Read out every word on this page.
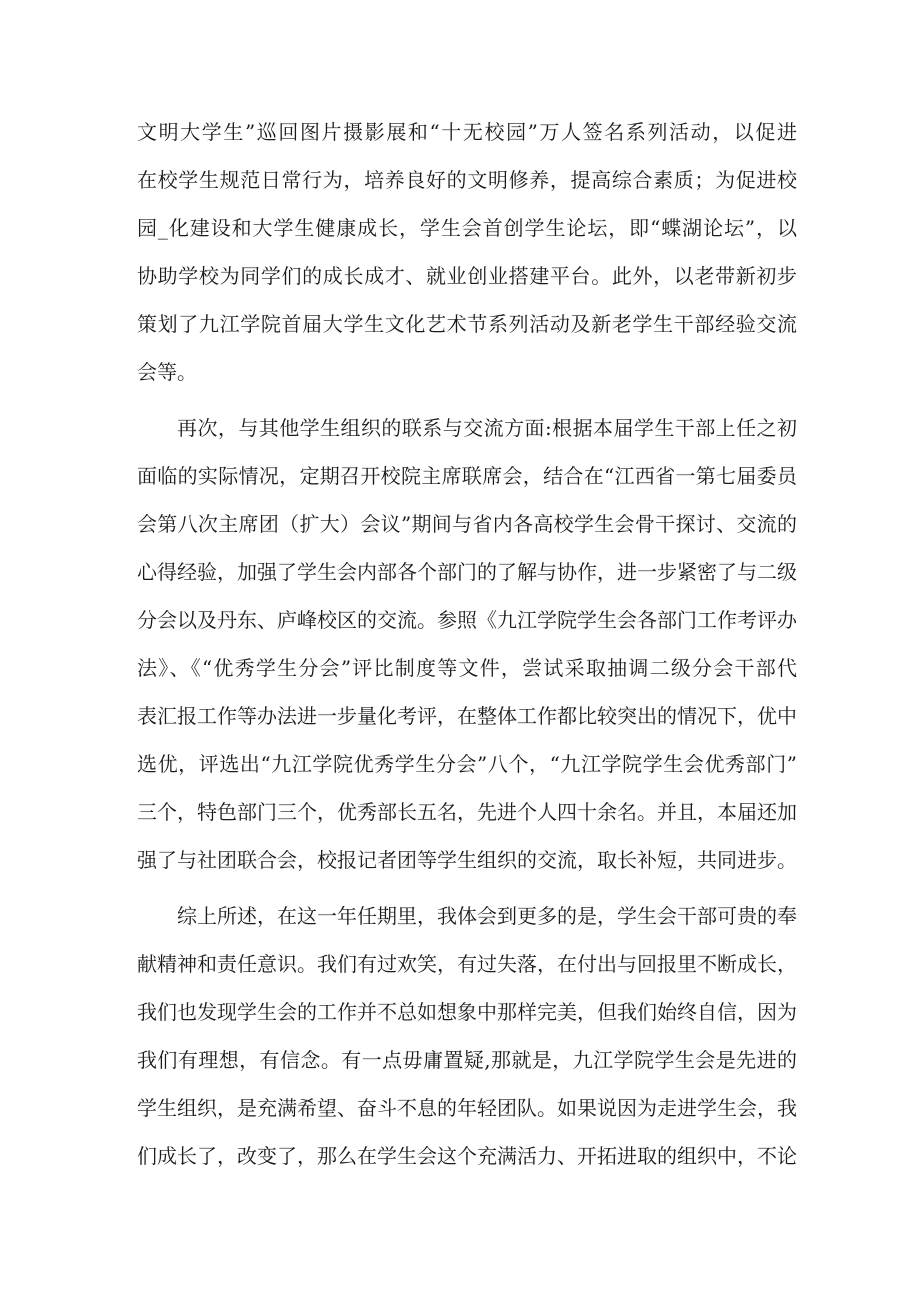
文明大学生”巡回图片摄影展和“十无校园”万人签名系列活动，以促进
在校学生规范日常行为，培养良好的文明修养，提高综合素质；为促进校
园_化建设和大学生健康成长，学生会首创学生论坛，即“蝶湖论坛”，以
协助学校为同学们的成长成才、就业创业搭建平台。此外，以老带新初步
策划了九江学院首届大学生文化艺术节系列活动及新老学生干部经验交流
会等。
再次，与其他学生组织的联系与交流方面:根据本届学生干部上任之初
面临的实际情况，定期召开校院主席联席会，结合在“江西省一第七届委员
会第八次主席团（扩大）会议”期间与省内各高校学生会骨干探讨、交流的
心得经验，加强了学生会内部各个部门的了解与协作，进一步紧密了与二级
分会以及丹东、庐峰校区的交流。参照《九江学院学生会各部门工作考评办
法》、《“优秀学生分会”评比制度等文件，尝试采取抽调二级分会干部代
表汇报工作等办法进一步量化考评，在整体工作都比较突出的情况下，优中
选优，评选出“九江学院优秀学生分会”八个，“九江学院学生会优秀部门”
三个，特色部门三个，优秀部长五名，先进个人四十余名。并且，本届还加
强了与社团联合会，校报记者团等学生组织的交流，取长补短，共同进步。
综上所述，在这一年任期里，我体会到更多的是，学生会干部可贵的奉
献精神和责任意识。我们有过欢笑，有过失落，在付出与回报里不断成长，
我们也发现学生会的工作并不总如想象中那样完美，但我们始终自信，因为
我们有理想，有信念。有一点毋庸置疑,那就是，九江学院学生会是先进的
学生组织，是充满希望、奋斗不息的年轻团队。如果说因为走进学生会，我
们成长了，改变了，那么在学生会这个充满活力、开拓进取的组织中，不论
